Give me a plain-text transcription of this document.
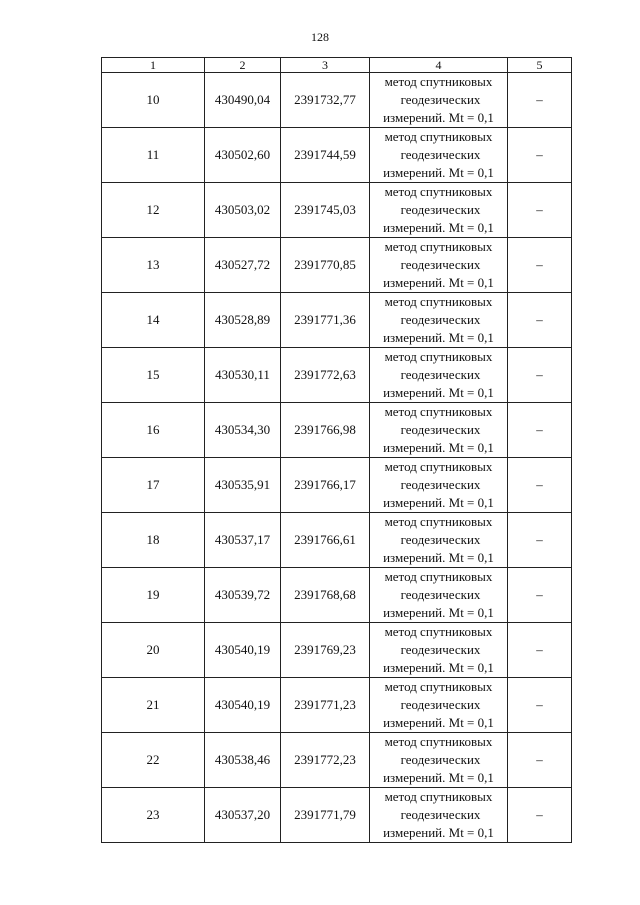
128
1	2	3	4	5
10	430490,04	2391732,77	метод спутниковых
геодезических
измерений. Mt = 0,1	–
11	430502,60	2391744,59	метод спутниковых
геодезических
измерений. Mt = 0,1	–
12	430503,02	2391745,03	метод спутниковых
геодезических
измерений. Mt = 0,1	–
13	430527,72	2391770,85	метод спутниковых
геодезических
измерений. Mt = 0,1	–
14	430528,89	2391771,36	метод спутниковых
геодезических
измерений. Mt = 0,1	–
15	430530,11	2391772,63	метод спутниковых
геодезических
измерений. Mt = 0,1	–
16	430534,30	2391766,98	метод спутниковых
геодезических
измерений. Mt = 0,1	–
17	430535,91	2391766,17	метод спутниковых
геодезических
измерений. Mt = 0,1	–
18	430537,17	2391766,61	метод спутниковых
геодезических
измерений. Mt = 0,1	–
19	430539,72	2391768,68	метод спутниковых
геодезических
измерений. Mt = 0,1	–
20	430540,19	2391769,23	метод спутниковых
геодезических
измерений. Mt = 0,1	–
21	430540,19	2391771,23	метод спутниковых
геодезических
измерений. Mt = 0,1	–
22	430538,46	2391772,23	метод спутниковых
геодезических
измерений. Mt = 0,1	–
23	430537,20	2391771,79	метод спутниковых
геодезических
измерений. Mt = 0,1	–
